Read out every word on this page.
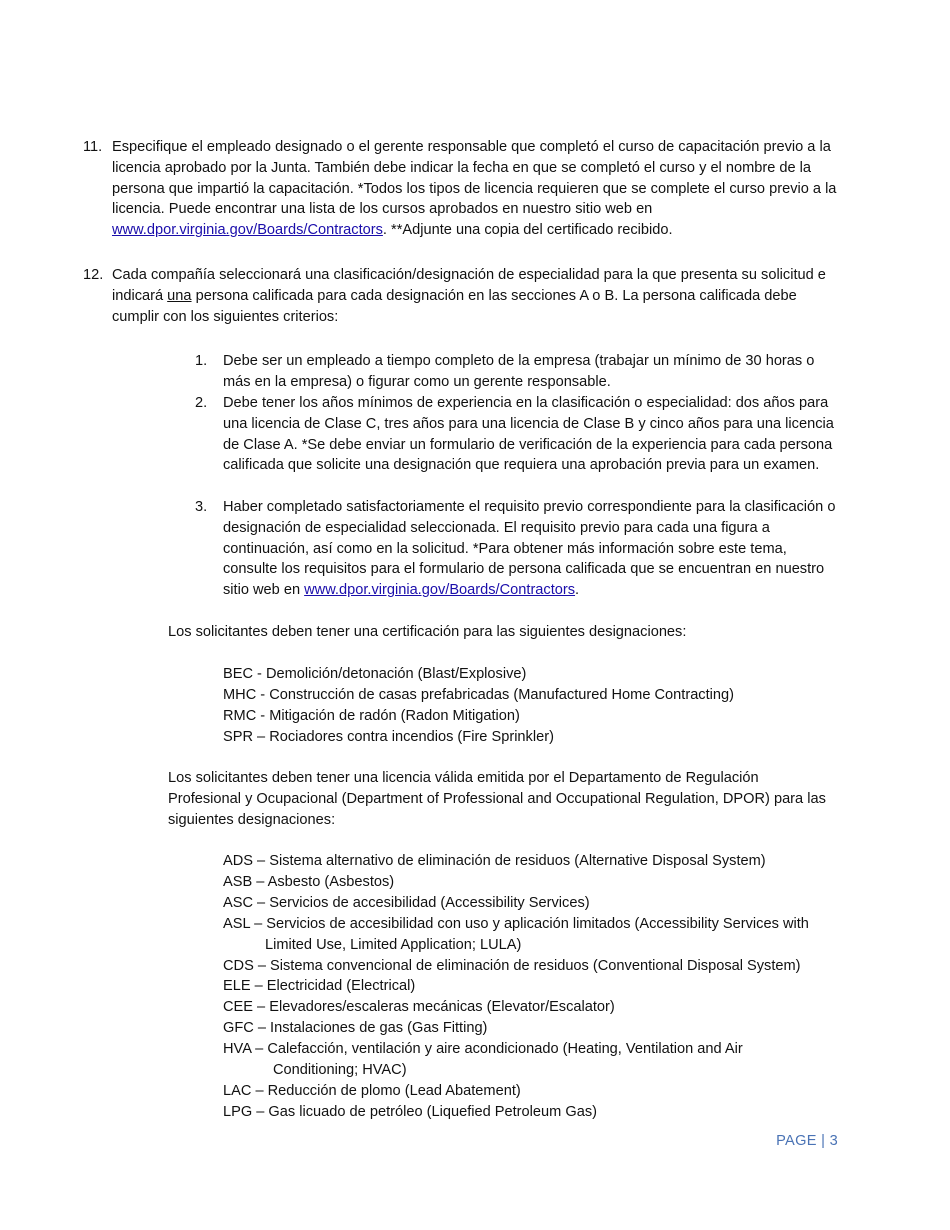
11. Especifique el empleado designado o el gerente responsable que completó el curso de capacitación previo a la licencia aprobado por la Junta. También debe indicar la fecha en que se completó el curso y el nombre de la persona que impartió la capacitación. *Todos los tipos de licencia requieren que se complete el curso previo a la licencia. Puede encontrar una lista de los cursos aprobados en nuestro sitio web en www.dpor.virginia.gov/Boards/Contractors. **Adjunte una copia del certificado recibido.
12. Cada compañía seleccionará una clasificación/designación de especialidad para la que presenta su solicitud e indicará una persona calificada para cada designación en las secciones A o B. La persona calificada debe cumplir con los siguientes criterios:
1. Debe ser un empleado a tiempo completo de la empresa (trabajar un mínimo de 30 horas o más en la empresa) o figurar como un gerente responsable.
2. Debe tener los años mínimos de experiencia en la clasificación o especialidad: dos años para una licencia de Clase C, tres años para una licencia de Clase B y cinco años para una licencia de Clase A. *Se debe enviar un formulario de verificación de la experiencia para cada persona calificada que solicite una designación que requiera una aprobación previa para un examen.
3. Haber completado satisfactoriamente el requisito previo correspondiente para la clasificación o designación de especialidad seleccionada. El requisito previo para cada una figura a continuación, así como en la solicitud. *Para obtener más información sobre este tema, consulte los requisitos para el formulario de persona calificada que se encuentran en nuestro sitio web en www.dpor.virginia.gov/Boards/Contractors.
Los solicitantes deben tener una certificación para las siguientes designaciones:
BEC - Demolición/detonación (Blast/Explosive)
MHC - Construcción de casas prefabricadas (Manufactured Home Contracting)
RMC - Mitigación de radón (Radon Mitigation)
SPR – Rociadores contra incendios (Fire Sprinkler)
Los solicitantes deben tener una licencia válida emitida por el Departamento de Regulación Profesional y Ocupacional (Department of Professional and Occupational Regulation, DPOR) para las siguientes designaciones:
ADS – Sistema alternativo de eliminación de residuos (Alternative Disposal System)
ASB – Asbesto (Asbestos)
ASC – Servicios de accesibilidad (Accessibility Services)
ASL – Servicios de accesibilidad con uso y aplicación limitados (Accessibility Services with
Limited Use, Limited Application; LULA)
CDS – Sistema convencional de eliminación de residuos (Conventional Disposal System)
ELE – Electricidad (Electrical)
CEE – Elevadores/escaleras mecánicas (Elevator/Escalator)
GFC – Instalaciones de gas (Gas Fitting)
HVA – Calefacción, ventilación y aire acondicionado (Heating, Ventilation and Air
Conditioning; HVAC)
LAC – Reducción de plomo (Lead Abatement)
LPG – Gas licuado de petróleo (Liquefied Petroleum Gas)
PAGE | 3
